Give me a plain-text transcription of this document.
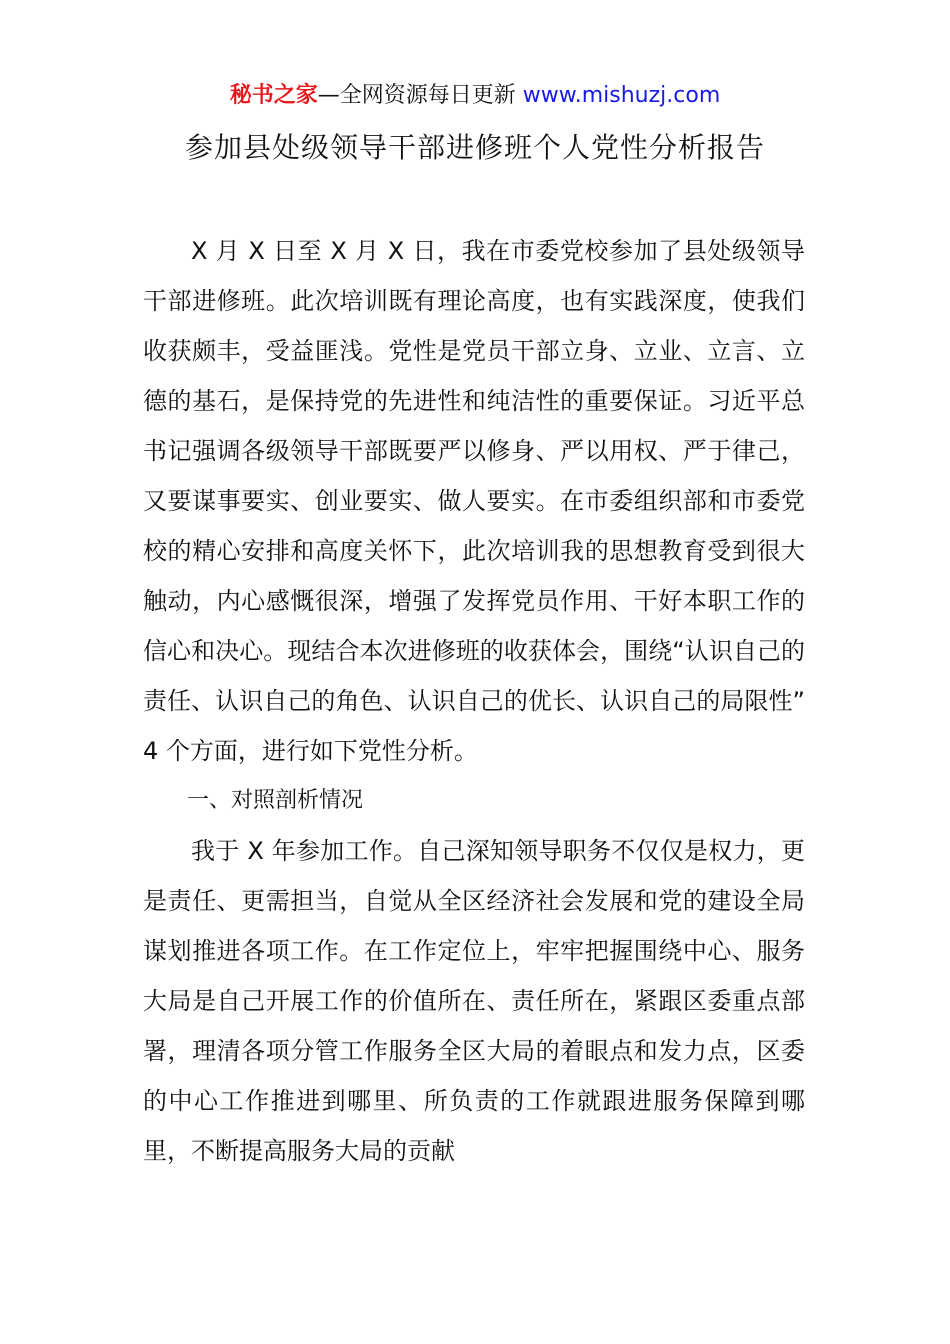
秘书之家—全网资源每日更新 www.mishuzj.com
参加县处级领导干部进修班个人党性分析报告

X 月 X 日至 X 月 X 日，我在市委党校参加了县处级领导干部进修班。此次培训既有理论高度，也有实践深度，使我们收获颇丰，受益匪浅。党性是党员干部立身、立业、立言、立德的基石，是保持党的先进性和纯洁性的重要保证。习近平总书记强调各级领导干部既要严以修身、严以用权、严于律己，又要谋事要实、创业要实、做人要实。在市委组织部和市委党校的精心安排和高度关怀下，此次培训我的思想教育受到很大触动，内心感慨很深，增强了发挥党员作用、干好本职工作的信心和决心。现结合本次进修班的收获体会，围绕“认识自己的责任、认识自己的角色、认识自己的优长、认识自己的局限性” 4 个方面，进行如下党性分析。

一、对照剖析情况

我于 X 年参加工作。自己深知领导职务不仅仅是权力，更是责任、更需担当，自觉从全区经济社会发展和党的建设全局谋划推进各项工作。在工作定位上，牢牢把握围绕中心、服务大局是自己开展工作的价值所在、责任所在，紧跟区委重点部署，理清各项分管工作服务全区大局的着眼点和发力点，区委的中心工作推进到哪里、所负责的工作就跟进服务保障到哪里，不断提高服务大局的贡献
